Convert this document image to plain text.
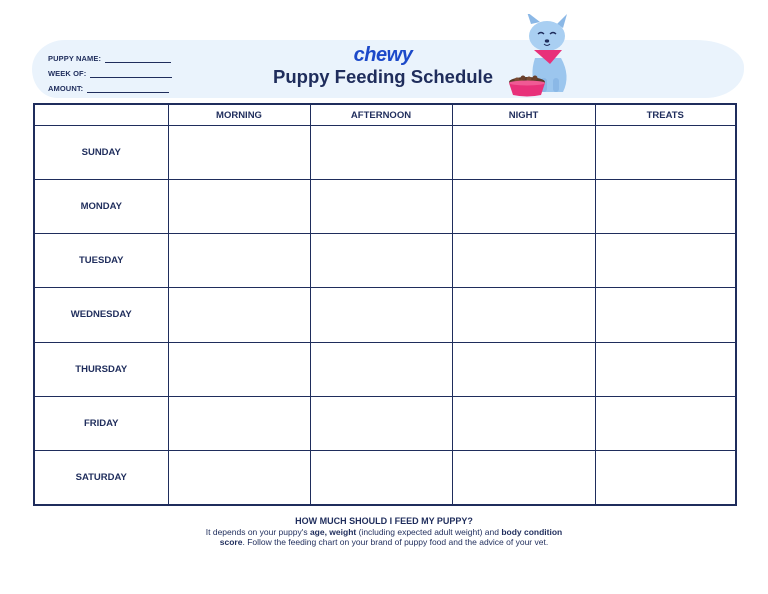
PUPPY NAME:
WEEK OF:
AMOUNT:
chewy
Puppy Feeding Schedule
	MORNING	AFTERNOON	NIGHT	TREATS
SUNDAY				
MONDAY				
TUESDAY				
WEDNESDAY				
THURSDAY				
FRIDAY				
SATURDAY				
HOW MUCH SHOULD I FEED MY PUPPY?
It depends on your puppy's age, weight (including expected adult weight) and body condition score. Follow the feeding chart on your brand of puppy food and the advice of your vet.
